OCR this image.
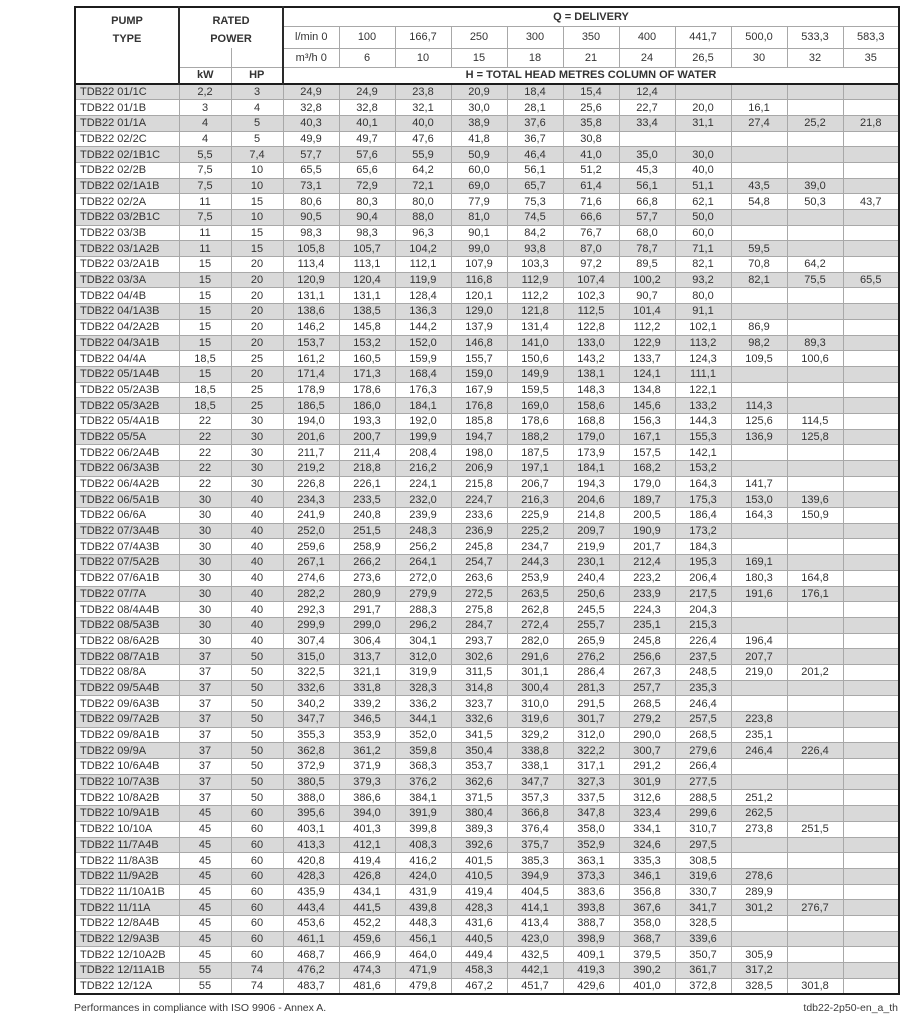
PUMP
TYPE

RATED
POWER
	Q = DELIVERY
			l/min 0	100	166,7	250	300	350	400	441,7	500,0	533,3	583,3
			m³/h 0	6	10	15	18	21	24	26,5	30	32	35
	kW	HP	H = TOTAL HEAD METRES COLUMN OF WATER										
TDB22 01/1C	2,2	3	24,9	24,9	23,8	20,9	18,4	15,4	12,4				
TDB22 01/1B	3	4	32,8	32,8	32,1	30,0	28,1	25,6	22,7	20,0	16,1		
TDB22 01/1A	4	5	40,3	40,1	40,0	38,9	37,6	35,8	33,4	31,1	27,4	25,2	21,8
TDB22 02/2C	4	5	49,9	49,7	47,6	41,8	36,7	30,8					
TDB22 02/1B1C	5,5	7,4	57,7	57,6	55,9	50,9	46,4	41,0	35,0	30,0			
TDB22 02/2B	7,5	10	65,5	65,6	64,2	60,0	56,1	51,2	45,3	40,0			
TDB22 02/1A1B	7,5	10	73,1	72,9	72,1	69,0	65,7	61,4	56,1	51,1	43,5	39,0	
TDB22 02/2A	11	15	80,6	80,3	80,0	77,9	75,3	71,6	66,8	62,1	54,8	50,3	43,7
TDB22 03/2B1C	7,5	10	90,5	90,4	88,0	81,0	74,5	66,6	57,7	50,0			
TDB22 03/3B	11	15	98,3	98,3	96,3	90,1	84,2	76,7	68,0	60,0			
TDB22 03/1A2B	11	15	105,8	105,7	104,2	99,0	93,8	87,0	78,7	71,1	59,5		
TDB22 03/2A1B	15	20	113,4	113,1	112,1	107,9	103,3	97,2	89,5	82,1	70,8	64,2	
TDB22 03/3A	15	20	120,9	120,4	119,9	116,8	112,9	107,4	100,2	93,2	82,1	75,5	65,5
TDB22 04/4B	15	20	131,1	131,1	128,4	120,1	112,2	102,3	90,7	80,0			
TDB22 04/1A3B	15	20	138,6	138,5	136,3	129,0	121,8	112,5	101,4	91,1			
TDB22 04/2A2B	15	20	146,2	145,8	144,2	137,9	131,4	122,8	112,2	102,1	86,9		
TDB22 04/3A1B	15	20	153,7	153,2	152,0	146,8	141,0	133,0	122,9	113,2	98,2	89,3	
TDB22 04/4A	18,5	25	161,2	160,5	159,9	155,7	150,6	143,2	133,7	124,3	109,5	100,6	
TDB22 05/1A4B	15	20	171,4	171,3	168,4	159,0	149,9	138,1	124,1	111,1			
TDB22 05/2A3B	18,5	25	178,9	178,6	176,3	167,9	159,5	148,3	134,8	122,1			
TDB22 05/3A2B	18,5	25	186,5	186,0	184,1	176,8	169,0	158,6	145,6	133,2	114,3		
TDB22 05/4A1B	22	30	194,0	193,3	192,0	185,8	178,6	168,8	156,3	144,3	125,6	114,5	
TDB22 05/5A	22	30	201,6	200,7	199,9	194,7	188,2	179,0	167,1	155,3	136,9	125,8	
TDB22 06/2A4B	22	30	211,7	211,4	208,4	198,0	187,5	173,9	157,5	142,1			
TDB22 06/3A3B	22	30	219,2	218,8	216,2	206,9	197,1	184,1	168,2	153,2			
TDB22 06/4A2B	22	30	226,8	226,1	224,1	215,8	206,7	194,3	179,0	164,3	141,7		
TDB22 06/5A1B	30	40	234,3	233,5	232,0	224,7	216,3	204,6	189,7	175,3	153,0	139,6	
TDB22 06/6A	30	40	241,9	240,8	239,9	233,6	225,9	214,8	200,5	186,4	164,3	150,9	
TDB22 07/3A4B	30	40	252,0	251,5	248,3	236,9	225,2	209,7	190,9	173,2			
TDB22 07/4A3B	30	40	259,6	258,9	256,2	245,8	234,7	219,9	201,7	184,3			
TDB22 07/5A2B	30	40	267,1	266,2	264,1	254,7	244,3	230,1	212,4	195,3	169,1		
TDB22 07/6A1B	30	40	274,6	273,6	272,0	263,6	253,9	240,4	223,2	206,4	180,3	164,8	
TDB22 07/7A	30	40	282,2	280,9	279,9	272,5	263,5	250,6	233,9	217,5	191,6	176,1	
TDB22 08/4A4B	30	40	292,3	291,7	288,3	275,8	262,8	245,5	224,3	204,3			
TDB22 08/5A3B	30	40	299,9	299,0	296,2	284,7	272,4	255,7	235,1	215,3			
TDB22 08/6A2B	30	40	307,4	306,4	304,1	293,7	282,0	265,9	245,8	226,4	196,4		
TDB22 08/7A1B	37	50	315,0	313,7	312,0	302,6	291,6	276,2	256,6	237,5	207,7		
TDB22 08/8A	37	50	322,5	321,1	319,9	311,5	301,1	286,4	267,3	248,5	219,0	201,2	
TDB22 09/5A4B	37	50	332,6	331,8	328,3	314,8	300,4	281,3	257,7	235,3			
TDB22 09/6A3B	37	50	340,2	339,2	336,2	323,7	310,0	291,5	268,5	246,4			
TDB22 09/7A2B	37	50	347,7	346,5	344,1	332,6	319,6	301,7	279,2	257,5	223,8		
TDB22 09/8A1B	37	50	355,3	353,9	352,0	341,5	329,2	312,0	290,0	268,5	235,1		
TDB22 09/9A	37	50	362,8	361,2	359,8	350,4	338,8	322,2	300,7	279,6	246,4	226,4	
TDB22 10/6A4B	37	50	372,9	371,9	368,3	353,7	338,1	317,1	291,2	266,4			
TDB22 10/7A3B	37	50	380,5	379,3	376,2	362,6	347,7	327,3	301,9	277,5			
TDB22 10/8A2B	37	50	388,0	386,6	384,1	371,5	357,3	337,5	312,6	288,5	251,2		
TDB22 10/9A1B	45	60	395,6	394,0	391,9	380,4	366,8	347,8	323,4	299,6	262,5		
TDB22 10/10A	45	60	403,1	401,3	399,8	389,3	376,4	358,0	334,1	310,7	273,8	251,5	
TDB22 11/7A4B	45	60	413,3	412,1	408,3	392,6	375,7	352,9	324,6	297,5			
TDB22 11/8A3B	45	60	420,8	419,4	416,2	401,5	385,3	363,1	335,3	308,5			
TDB22 11/9A2B	45	60	428,3	426,8	424,0	410,5	394,9	373,3	346,1	319,6	278,6		
TDB22 11/10A1B	45	60	435,9	434,1	431,9	419,4	404,5	383,6	356,8	330,7	289,9		
TDB22 11/11A	45	60	443,4	441,5	439,8	428,3	414,1	393,8	367,6	341,7	301,2	276,7	
TDB22 12/8A4B	45	60	453,6	452,2	448,3	431,6	413,4	388,7	358,0	328,5			
TDB22 12/9A3B	45	60	461,1	459,6	456,1	440,5	423,0	398,9	368,7	339,6			
TDB22 12/10A2B	45	60	468,7	466,9	464,0	449,4	432,5	409,1	379,5	350,7	305,9		
TDB22 12/11A1B	55	74	476,2	474,3	471,9	458,3	442,1	419,3	390,2	361,7	317,2		
TDB22 12/12A	55	74	483,7	481,6	479,8	467,2	451,7	429,6	401,0	372,8	328,5	301,8	
Performances in compliance with ISO 9906 - Annex A.	tdb22-2p50-en_a_th
